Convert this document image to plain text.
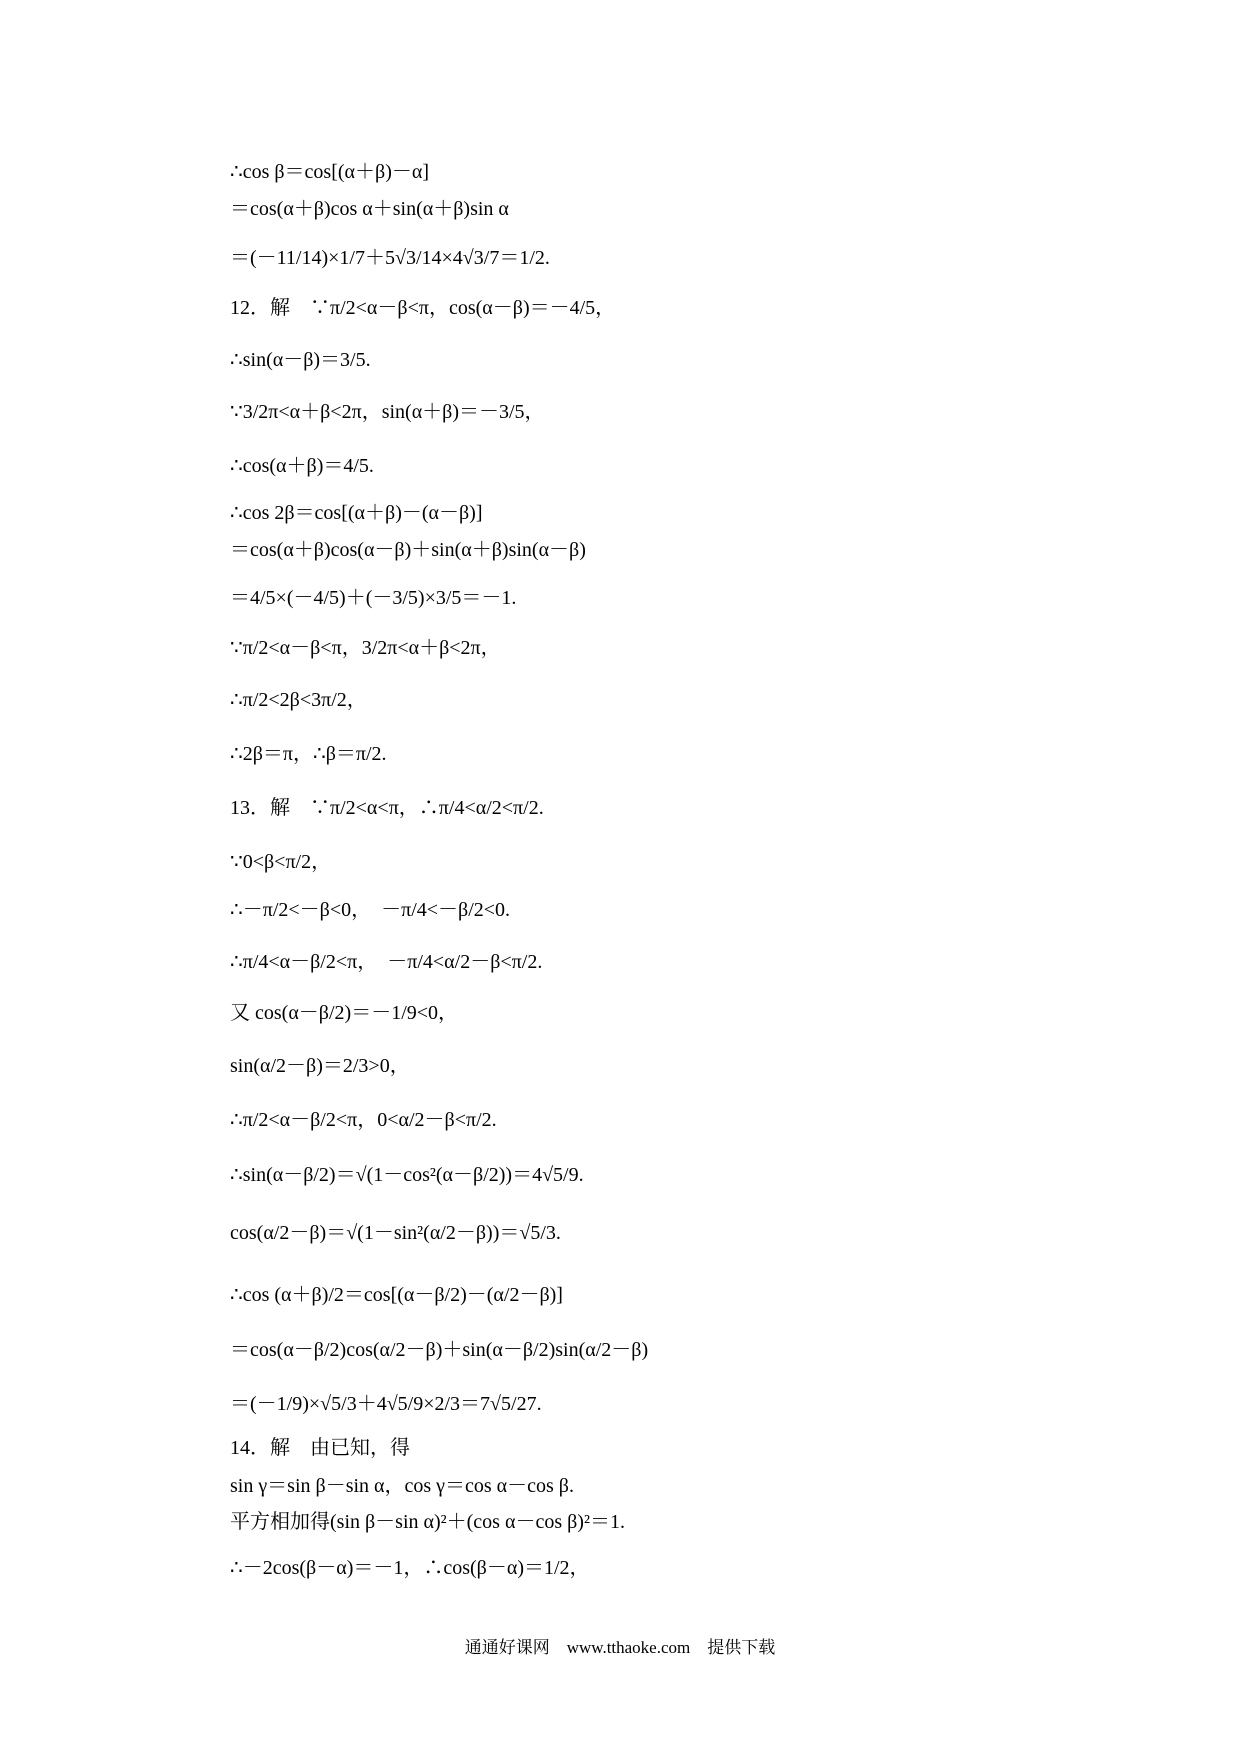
∴cos β＝cos[(α＋β)－α]
＝cos(α＋β)cos α＋sin(α＋β)sin α
＝(－11/14)×1/7＋5√3/14×4√3/7＝1/2.
12．解　∵π/2<α－β<π，cos(α－β)＝－4/5，
∴sin(α－β)＝3/5.
∵3/2π<α＋β<2π，sin(α＋β)＝－3/5，
∴cos(α＋β)＝4/5.
∴cos 2β＝cos[(α＋β)－(α－β)]
＝cos(α＋β)cos(α－β)＋sin(α＋β)sin(α－β)
＝4/5×(－4/5)＋(－3/5)×3/5＝－1.
∵π/2<α－β<π，3/2π<α＋β<2π，
∴π/2<2β<3π/2，
∴2β＝π，∴β＝π/2.
13．解　∵π/2<α<π，∴π/4<α/2<π/2.
∵0<β<π/2，
∴－π/2<－β<0，　－π/4<－β/2<0.
∴π/4<α－β/2<π，　－π/4<α/2－β<π/2.
又 cos(α－β/2)＝－1/9<0，
sin(α/2－β)＝2/3>0，
∴π/2<α－β/2<π，0<α/2－β<π/2.
∴sin(α－β/2)＝√(1－cos²(α－β/2))＝4√5/9.
cos(α/2－β)＝√(1－sin²(α/2－β))＝√5/3.
∴cos (α＋β)/2＝cos[(α－β/2)－(α/2－β)]
＝cos(α－β/2)cos(α/2－β)＋sin(α－β/2)sin(α/2－β)
＝(－1/9)×√5/3＋4√5/9×2/3＝7√5/27.
14．解　由已知，得
sin γ＝sin β－sin α，cos γ＝cos α－cos β.
平方相加得(sin β－sin α)²＋(cos α－cos β)²＝1.
∴－2cos(β－α)＝－1，∴cos(β－α)＝1/2，
通通好课网　www.tthaoke.com　提供下载
